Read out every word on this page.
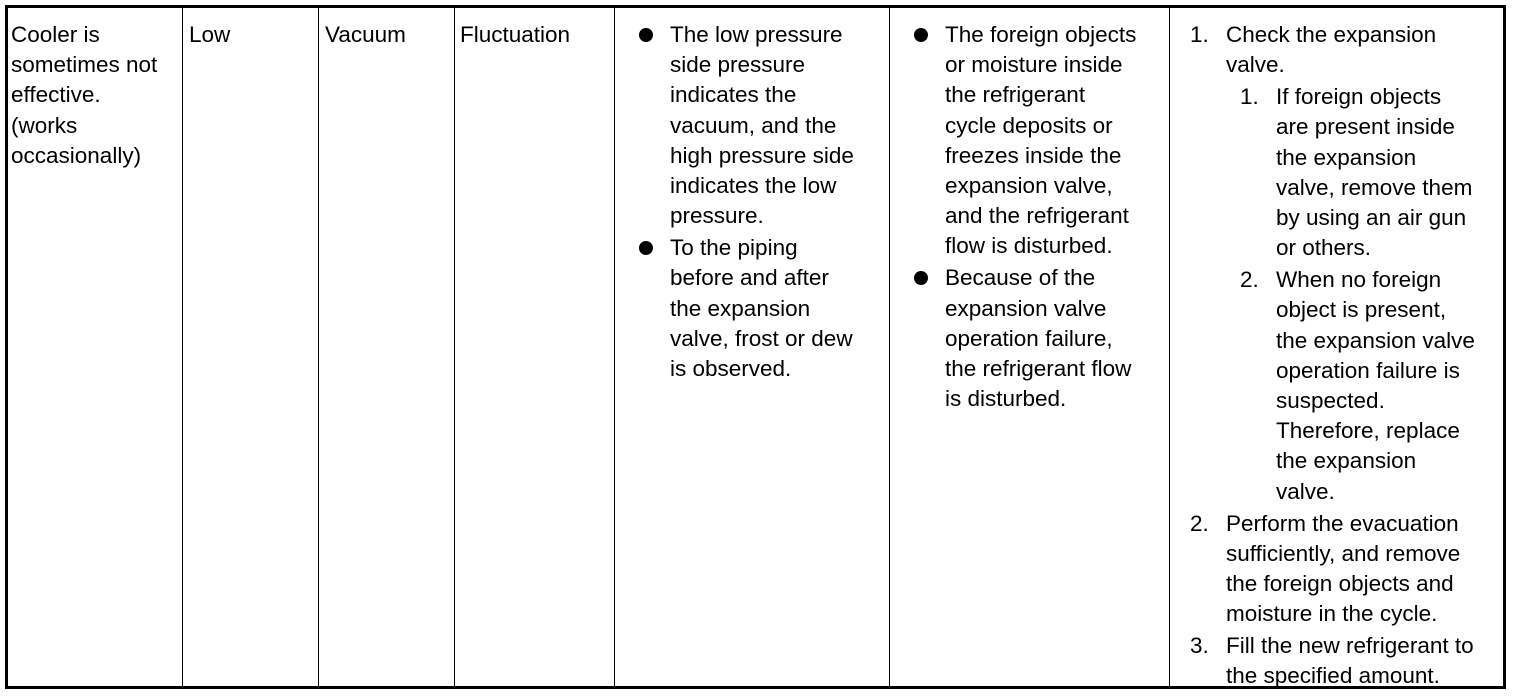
Cooler is
sometimes not
effective.
(works
occasionally)
Low	Vacuum Fluctuation	The low pressure
side pressure
indicates the
vacuum, and the
high pressure side
indicates the low
pressure.
To the piping
before and after
the expansion
valve, frost or dew
is observed.
The foreign objects
or moisture inside
the refrigerant
cycle deposits or
freezes inside the
expansion valve,
and the refrigerant
flow is disturbed.
Because of the
expansion valve
operation failure,
the refrigerant flow
is disturbed.
1. Check the expansion
valve.
1. If foreign objects
are present inside
the expansion
valve, remove them
by using an air gun
or others.
2. When no foreign
object is present,
the expansion valve
operation failure is
suspected.
Therefore, replace
the expansion
valve.
2. Perform the evacuation
sufficiently, and remove
the foreign objects and
moisture in the cycle.
3. Fill the new refrigerant to
the specified amount.
